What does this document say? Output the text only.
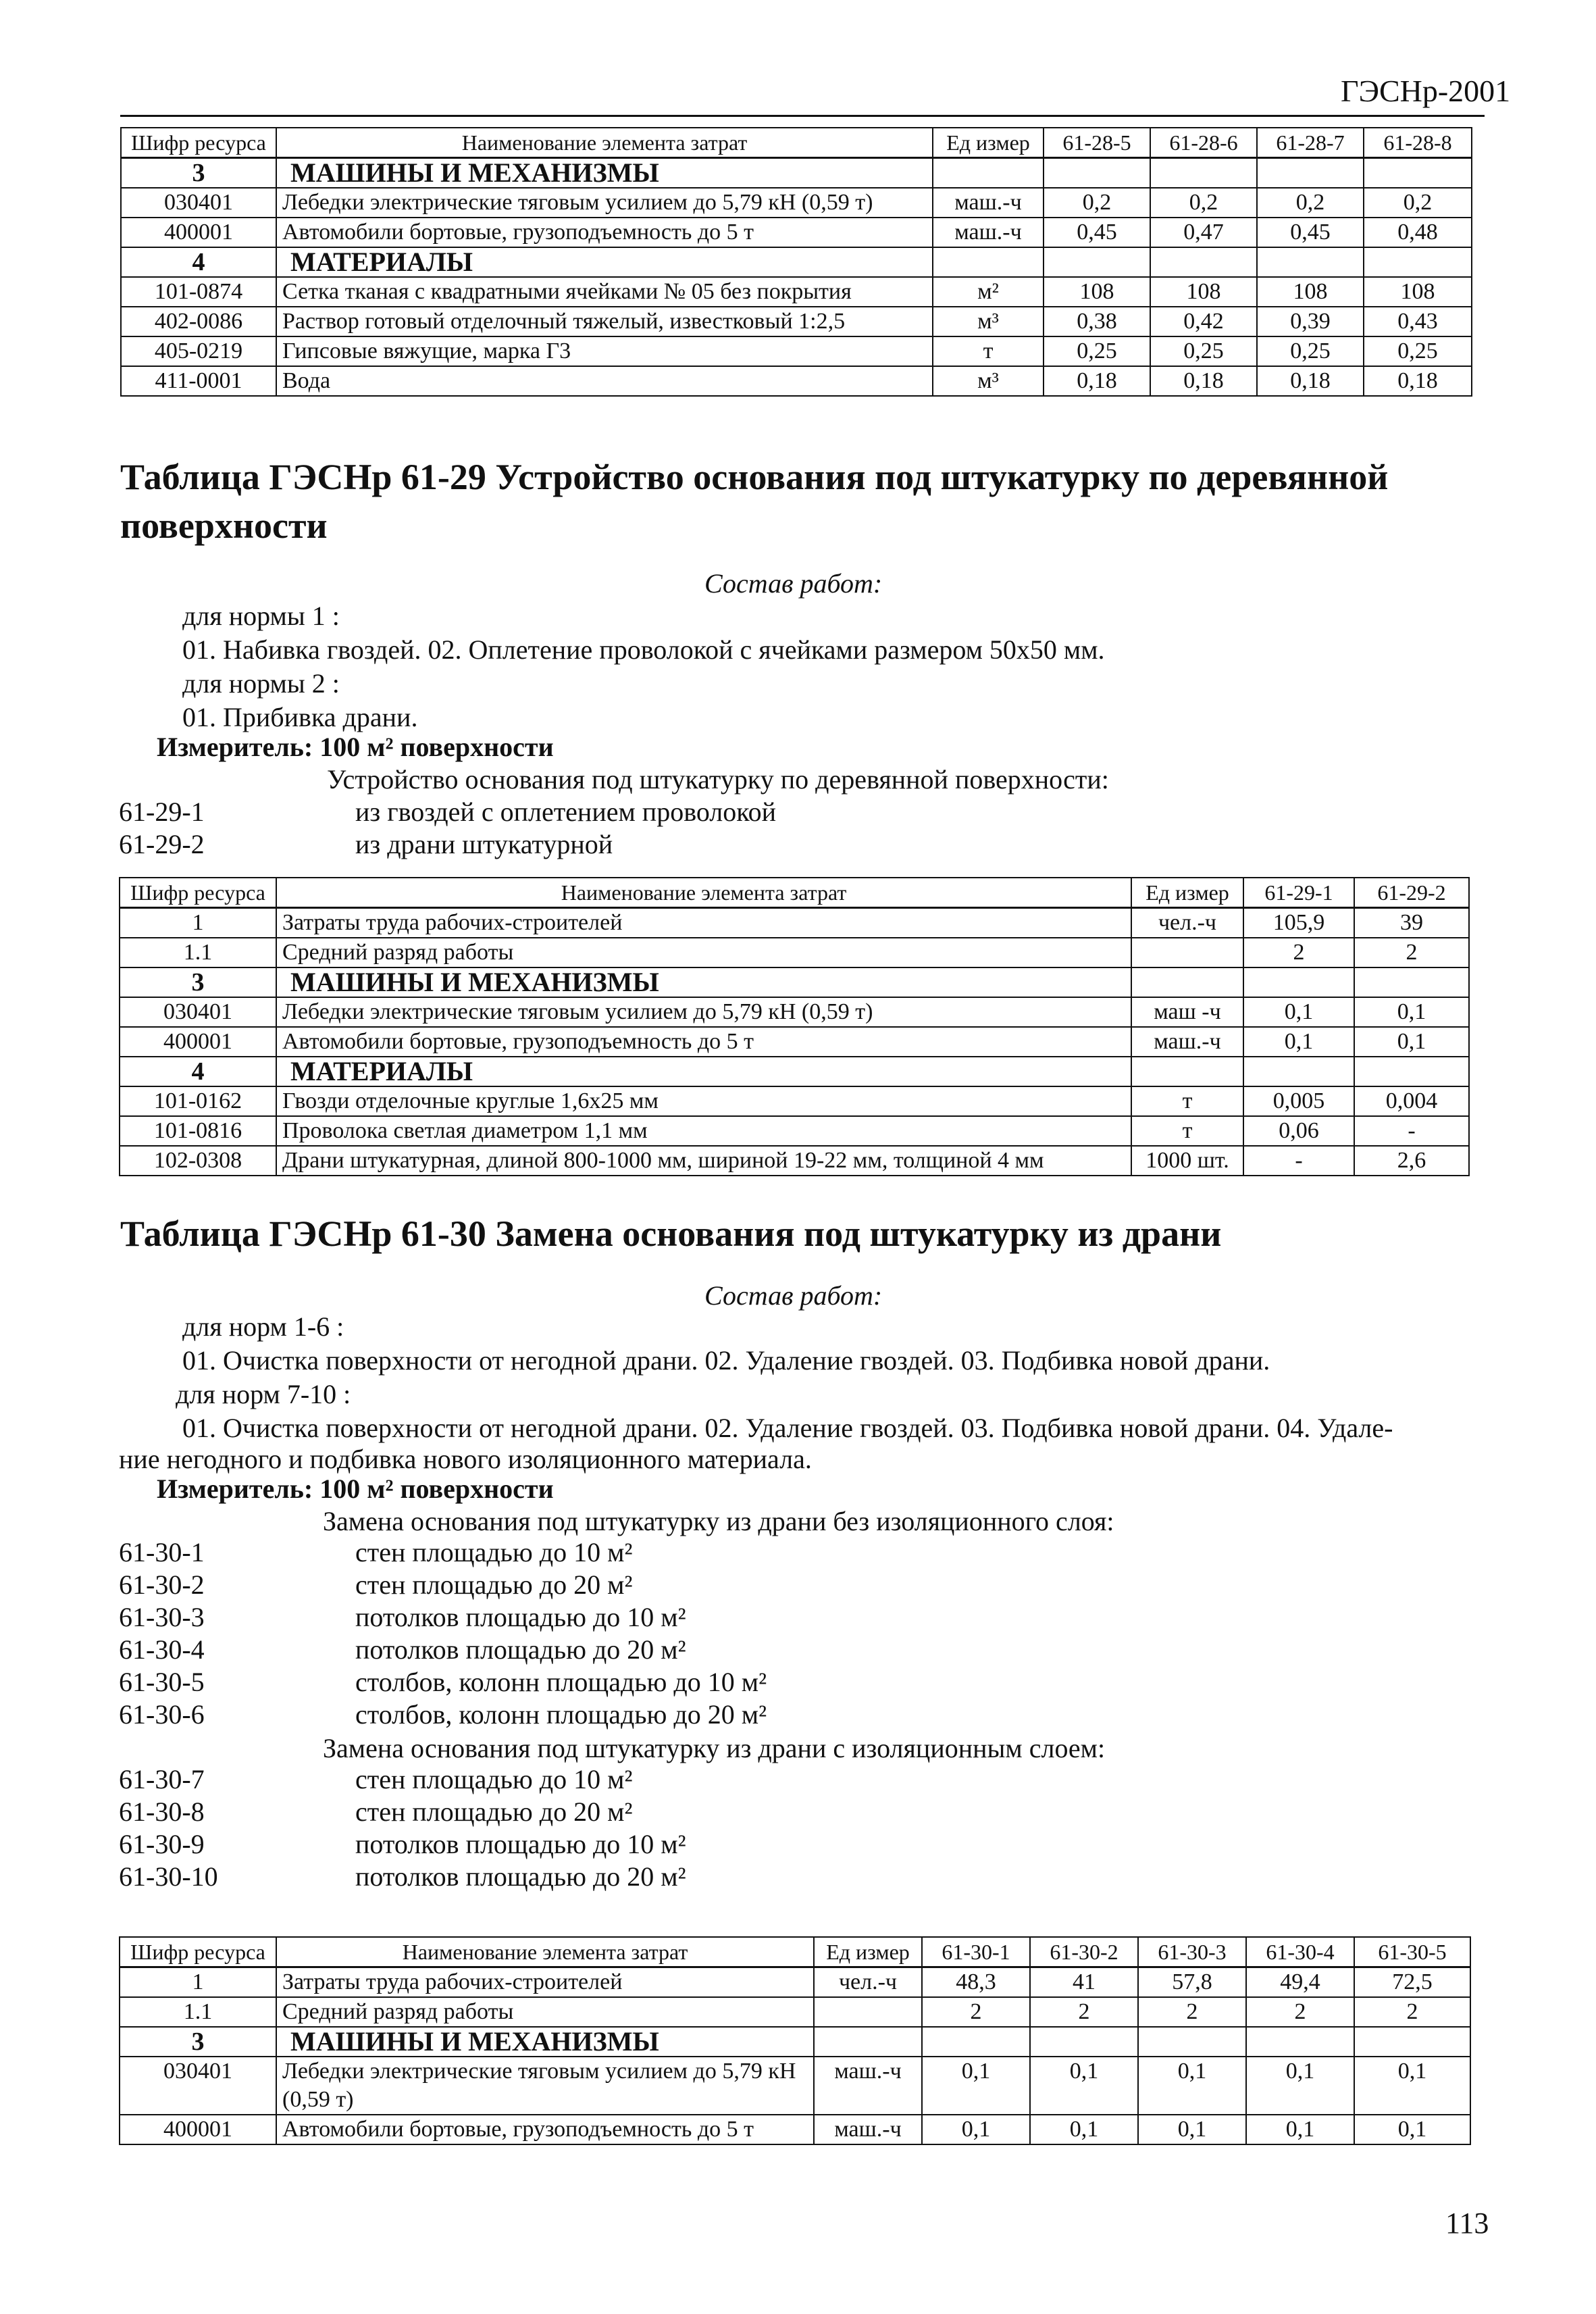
ГЭСНр-2001
Шифр ресурса	Наименование элемента затрат	Ед измер	61-28-5	61-28-6	61-28-7	61-28-8
3	МАШИНЫ И МЕХАНИЗМЫ					
030401	Лебедки электрические тяговым усилием до 5,79 кН (0,59 т)	маш.-ч	0,2	0,2	0,2	0,2
400001	Автомобили бортовые, грузоподъемность до 5 т	маш.-ч	0,45	0,47	0,45	0,48
4	МАТЕРИАЛЫ					
101-0874	Сетка тканая с квадратными ячейками № 05 без покрытия	м²	108	108	108	108
402-0086	Раствор готовый отделочный тяжелый, известковый 1:2,5	м³	0,38	0,42	0,39	0,43
405-0219	Гипсовые вяжущие, марка Г3	т	0,25	0,25	0,25	0,25
411-0001	Вода	м³	0,18	0,18	0,18	0,18
Таблица ГЭСНр 61-29 Устройство основания под штукатурку по деревянной поверхности
Состав работ:
для нормы 1 :
01. Набивка гвоздей. 02. Оплетение проволокой с ячейками размером 50х50 мм.
для нормы 2 :
01. Прибивка драни.
Измеритель: 100 м² поверхности
Устройство основания под штукатурку по деревянной поверхности:
61-29-1	из гвоздей с оплетением проволокой
61-29-2	из драни штукатурной
Шифр ресурса	Наименование элемента затрат	Ед измер	61-29-1	61-29-2
1	Затраты труда рабочих-строителей	чел.-ч	105,9	39
1.1	Средний разряд работы		2	2
3	МАШИНЫ И МЕХАНИЗМЫ			
030401	Лебедки электрические тяговым усилием до 5,79 кН (0,59 т)	маш -ч	0,1	0,1
400001	Автомобили бортовые, грузоподъемность до 5 т	маш.-ч	0,1	0,1
4	МАТЕРИАЛЫ			
101-0162	Гвозди отделочные круглые 1,6х25 мм	т	0,005	0,004
101-0816	Проволока светлая диаметром 1,1 мм	т	0,06	-
102-0308	Драни штукатурная, длиной 800-1000 мм, шириной 19-22 мм, толщиной 4 мм	1000 шт.	-	2,6
Таблица ГЭСНр 61-30 Замена основания под штукатурку из драни
Состав работ:
для норм 1-6 :
01. Очистка поверхности от негодной драни. 02. Удаление гвоздей. 03. Подбивка новой драни.
для норм 7-10 :
01. Очистка поверхности от негодной драни. 02. Удаление гвоздей. 03. Подбивка новой драни. 04. Удале-
ние негодного и подбивка нового изоляционного материала.
Измеритель: 100 м² поверхности
Замена основания под штукатурку из драни без изоляционного слоя:
61-30-1	стен площадью до 10 м²
61-30-2	стен площадью до 20 м²
61-30-3	потолков площадью до 10 м²
61-30-4	потолков площадью до 20 м²
61-30-5	столбов, колонн площадью до 10 м²
61-30-6	столбов, колонн площадью до 20 м²
Замена основания под штукатурку из драни с изоляционным слоем:
61-30-7	стен площадью до 10 м²
61-30-8	стен площадью до 20 м²
61-30-9	потолков площадью до 10 м²
61-30-10	потолков площадью до 20 м²
Шифр ресурса	Наименование элемента затрат	Ед измер	61-30-1	61-30-2	61-30-3	61-30-4	61-30-5
1	Затраты труда рабочих-строителей	чел.-ч	48,3	41	57,8	49,4	72,5
1.1	Средний разряд работы		2	2	2	2	2
3	МАШИНЫ И МЕХАНИЗМЫ						
030401	Лебедки электрические тяговым усилием до 5,79 кН (0,59 т)	маш.-ч	0,1	0,1	0,1	0,1	0,1
400001	Автомобили бортовые, грузоподъемность до 5 т	маш.-ч	0,1	0,1	0,1	0,1	0,1
113
